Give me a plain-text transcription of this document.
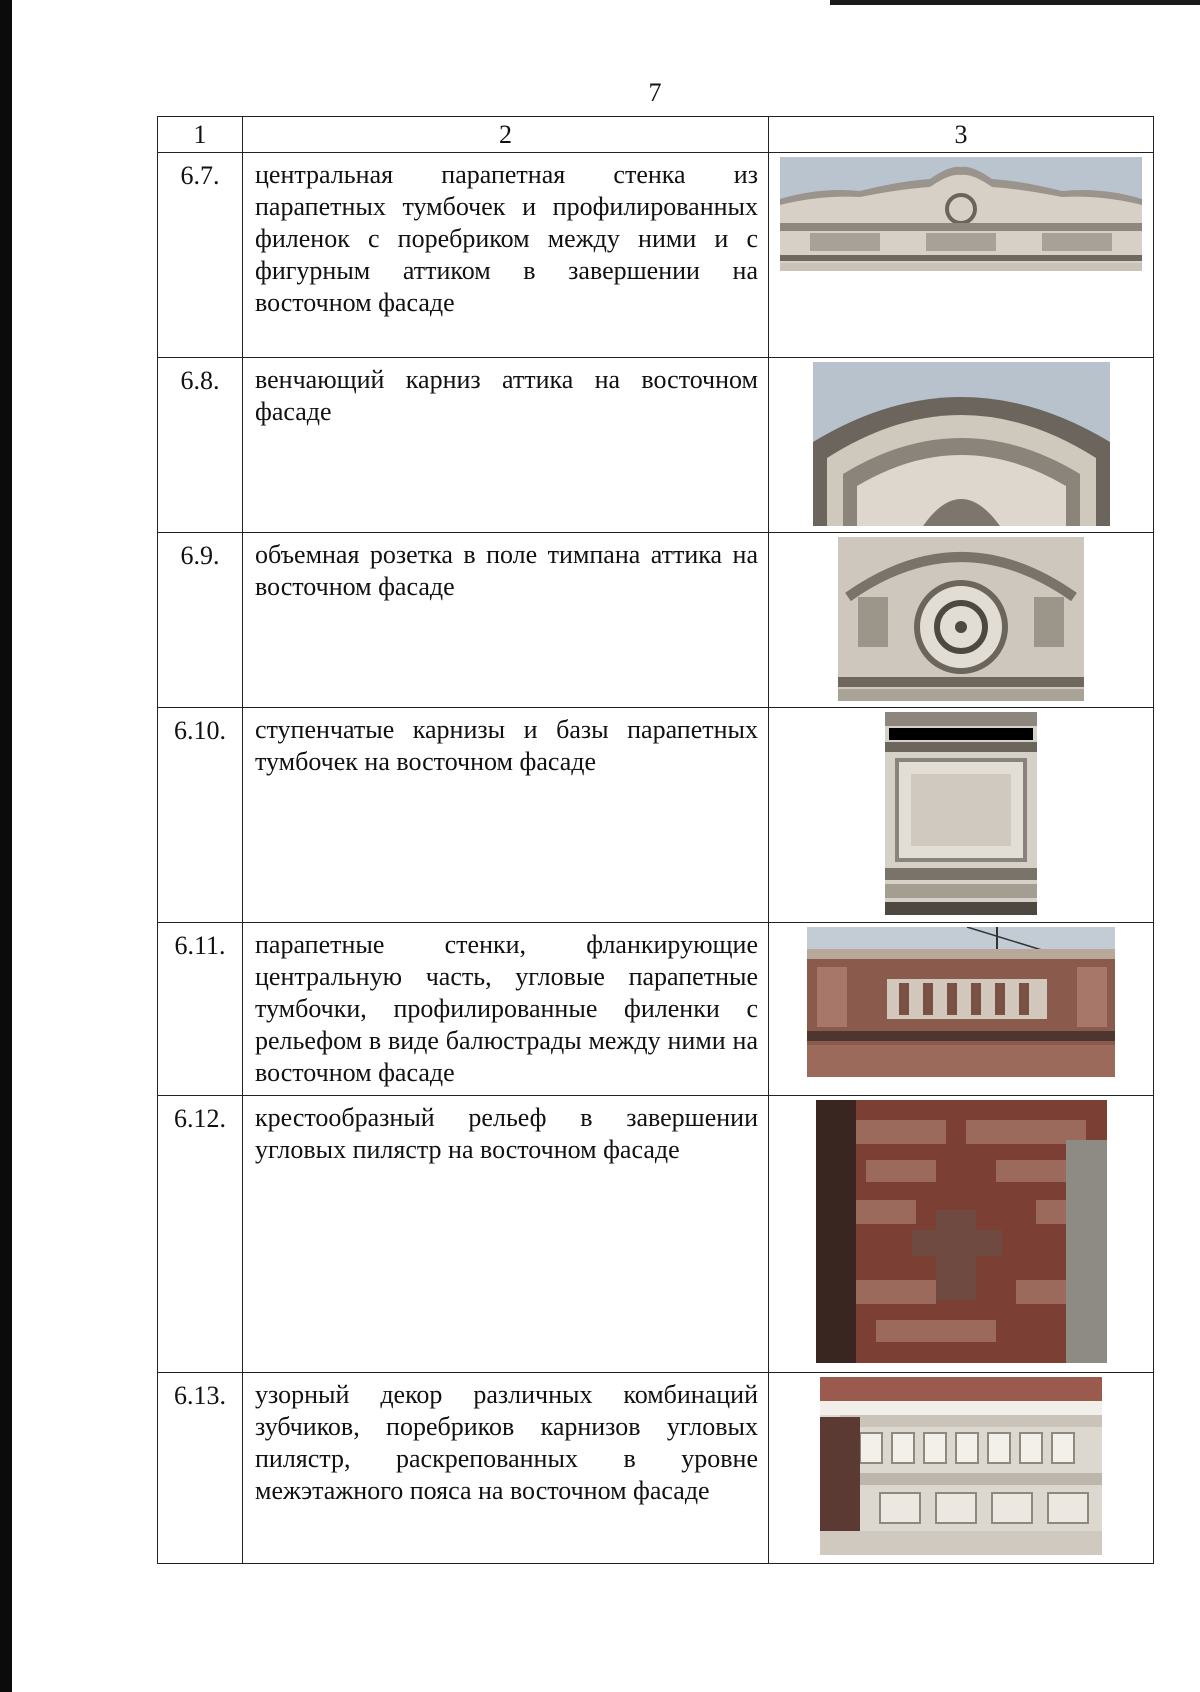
7
1	2	3
6.7.	центральная парапетная стенка из парапетных тумбочек и профилированных филенок с поребриком между ними и с фигурным аттиком в завершении на восточном фасаде	

6.8.	венчающий карниз аттика на восточном фасаде	

6.9.	объемная розетка в поле тимпана аттика на восточном фасаде	

6.10.	ступенчатые карнизы и базы парапетных тумбочек на восточном фасаде	

6.11.	парапетные стенки, фланкирующие центральную часть, угловые парапетные тумбочки, профилированные филенки с рельефом в виде балюстрады между ними на восточном фасаде	

6.12.	крестообразный рельеф в завершении угловых пилястр на восточном фасаде	

6.13.	узорный декор различных комбинаций зубчиков, поребриков карнизов угловых пилястр, раскрепованных в уровне межэтажного пояса на восточном фасаде	
